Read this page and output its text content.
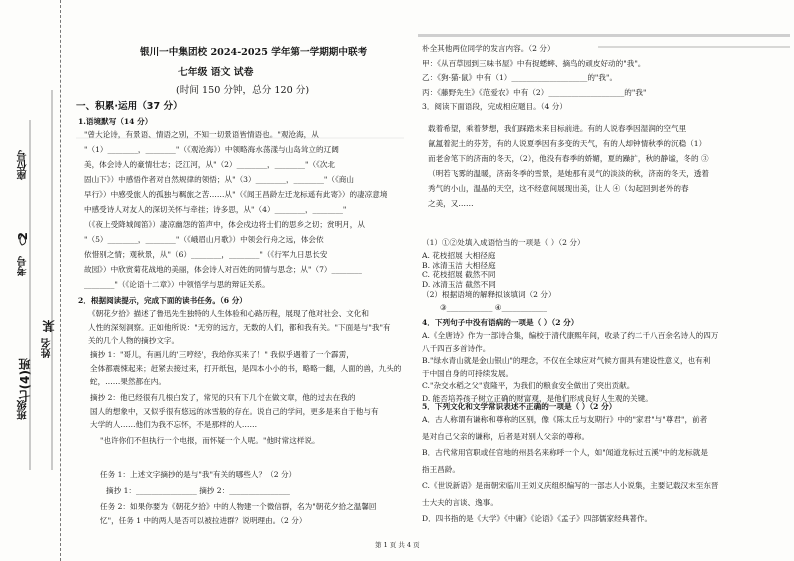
班级
七(4)班
姓名
某
考号
2
座位号
银川一中集团校 2024-2025 学年第一学期期中联考
七年级 语文 试卷
(时间 150 分钟，总分 120 分)
一、积累·运用（37 分）
1.语境默写（14 分）
"曾大论诗，有景语、情语之别，不知一切景语皆情语也。"观沧海，从
"（1）________，________"（《观沧海》）中领略海水荡漾与山岛耸立的辽阔
美，体会诗人的豪情壮志；泛江河，从"（2）________，________"（《次北
固山下》）中感悟作者对自然规律的领悟；从"（3）________，________"（《商山
早行》）中感受旅人的孤独与羁旅之苦……从"（《闻王昌龄左迁龙标遥有此寄》）的凄凉意境
中感受诗人对友人的深切关怀与牵挂；诗多思，从"（4）________，________"
（《夜上受降城闻笛》）凄凉幽怨的笛声中，体会戍边将士们的思乡之切；赏明月，从
"（5）________，________"（《峨眉山月歌》）中领会行舟之远，体会依
依惜别之情；观秋景，从"（6）________，________"（《行军九日思长安
故园》）中欣赏菊花战地的美丽，体会诗人对百姓的同情与思念；从"（7）________
________"（《论语十二章》）中领悟学与思的辩证关系。
2．根据阅读提示，完成下面的读书任务。（6 分）
《朝花夕拾》描述了鲁迅先生独特的人生体验和心路历程，展现了他对社会、文化和
人性的深刻洞察。正如他所说："无穷的远方，无数的人们，都和我有关。"下面是与"我"有
关的几个人物的摘抄文字。
摘抄 1："哥儿，有画儿的'三哼经'，我给你买来了！" 我似乎遇着了一个霹雳，
全体都震悚起来；赶紧去接过来，打开纸包，是四本小小的书，略略一翻，人面的兽，九头的
蛇，……果然都在内。
摘抄 2：他已经很有几根白发了，常见的只有下几个在做文章，他的过去在我的
国人的想象中，又似乎很有悠远的冰雪般的存在。说自己的学问，更多是来自于他与有
大学的人……他们为我不忘怀，不是那样的人……
"也许你们不但执行一个电报，而怀疑一个人呢。"他时常这样说。
任务 1：上述文字摘抄的是与"我"有关的哪些人？（2 分）
摘抄 1：________________ 摘抄 2：________________
任务 2：如果你要为《朝花夕拾》中的人物建一个微信群，名为"朝花夕拾之温馨回
忆"，任务 1 中的两人是否可以被拉进群？说明理由。（2 分）
朴全其他两位同学的发言内容。（2 分）
甲：《从百草园到三味书屋》中有捉蟋蟀、摘鸟的顽皮好动的"我"。
乙：《狗·猫·鼠》中有（1）____________________的"我"。
丙：《藤野先生》《范爱农》中有（2）____________________的"我"
3．阅读下面语段，完成相应题目。（4 分）
载着希望，乘着梦想，我们踩踏未来目标前进。有的人说春季因湿润的空气里
氤氲着泥土的芬芳，有的人说夏季因有多变的天气，有的人却钟情秋季的沉稳（1）
而老舍笔下的济南的冬天，（2），他没有春季的娇媚，夏的躁扩，秋的静谧，冬的 ③
（明若飞雾的温暖，济南冬季的雪景，是她那有灵气的淡淡的秋，济南的冬天，透着
秀气的小山，温晶的天空，这不经意间展现出美，让人 ④（勾起回到老外的春
之美，又……
（1）①②处填入成语恰当的一项是（ ）（2 分）
A. 花枝招展 大相径庭
B. 冰清玉洁 大相径庭
C. 花枝招展 截然不同
D. 冰清玉洁 截然不同
（2）根据语境的解释拟该填词（2 分）
③____________ ④____________
4．下列句子中没有语病的一项是（ ）（2 分）
A.《全唐诗》作为一部诗合集，编校于清代康熙年间，收录了约二千八百余名诗人的四万
八千四百多首诗作。
B."绿水青山就是金山银山"的理念，不仅在全球应对气候方面具有建设性意义，也有利
于中国自身的可持续发展。
C."杂交水稻之父"袁隆平，为我们的粮食安全做出了突出贡献。
D. 能否培养孩子树立正确的财富观，是他们形成良好人生观的关键。
5．下列文化和文学常识表述不正确的一项是（ ）（2 分）
A．古人称谓有谦称和尊称的区别，像《陈太丘与友期行》中的"家君"与"尊君"，前者
是对自己父亲的谦称，后者是对别人父亲的尊称。
B．古代常用官职或任官地的州县名来称呼一个人，如"闻道龙标过五溪"中的龙标就是
指王昌龄。
C.《世说新语》是南朝宋临川王刘义庆组织编写的一部志人小说集，主要记载汉末至东晋
士大夫的言谈、逸事。
D．四书指的是《大学》《中庸》《论语》《孟子》四部儒家经典著作。
第 1 页 共 4 页
